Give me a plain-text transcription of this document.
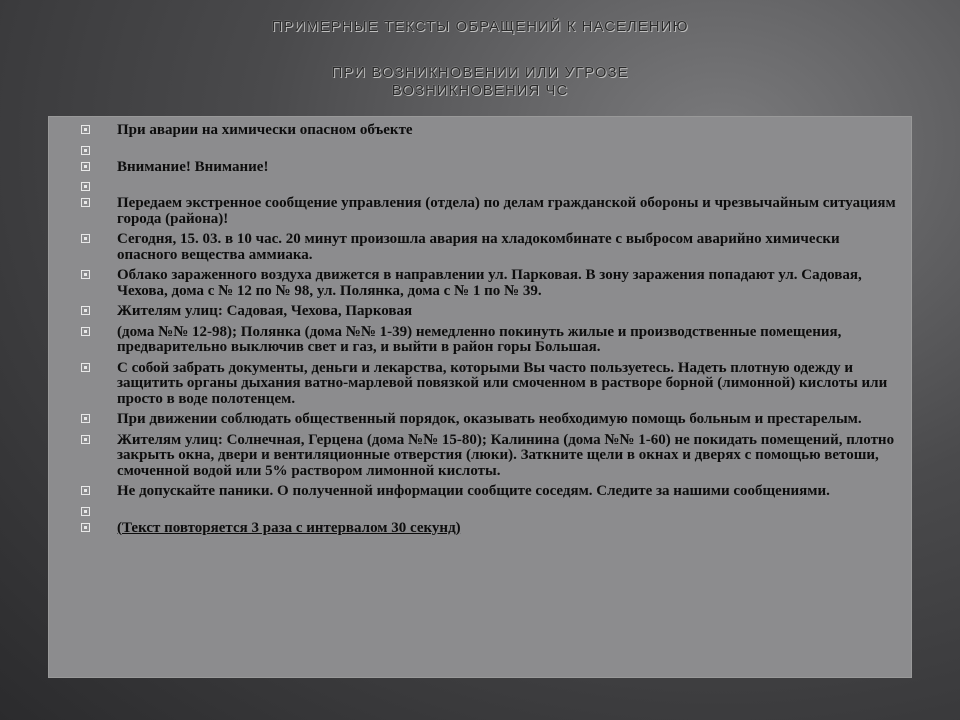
ПРИМЕРНЫЕ ТЕКСТЫ ОБРАЩЕНИЙ К НАСЕЛЕНИЮ
ПРИ ВОЗНИКНОВЕНИИ ИЛИ УГРОЗЕ
ВОЗНИКНОВЕНИЯ ЧС
При аварии на химически опасном объекте
Внимание! Внимание!
Передаем экстренное сообщение управления (отдела) по делам гражданской обороны и чрезвычайным ситуациям города (района)!
Сегодня, 15. 03. в 10 час. 20 минут произошла авария на хладокомбинате с выбросом аварийно химически опасного вещества аммиака.
Облако зараженного воздуха движется в направлении ул. Парковая. В зону заражения попадают ул. Садовая, Чехова, дома с № 12 по № 98, ул. Полянка, дома с № 1 по № 39.
Жителям улиц: Садовая, Чехова, Парковая
(дома №№ 12-98); Полянка (дома №№ 1-39) немедленно покинуть жилые и производственные помещения, предварительно выключив свет и газ, и выйти в район горы Большая.
С собой забрать документы, деньги и лекарства, которыми Вы часто пользуетесь. Надеть плотную одежду и защитить органы дыхания ватно-марлевой повязкой или смоченном в растворе борной (лимонной) кислоты или просто в воде полотенцем.
При движении соблюдать общественный порядок, оказывать необходимую помощь больным и престарелым.
Жителям улиц: Солнечная, Герцена (дома №№ 15-80); Калинина (дома №№ 1-60) не покидать помещений, плотно закрыть окна, двери и вентиляционные отверстия (люки). Заткните щели в окнах и дверях с помощью ветоши, смоченной водой или 5% раствором лимонной кислоты.
Не допускайте паники. О полученной информации сообщите соседям. Следите за нашими сообщениями.
(Текст повторяется 3 раза с интервалом 30 секунд)
